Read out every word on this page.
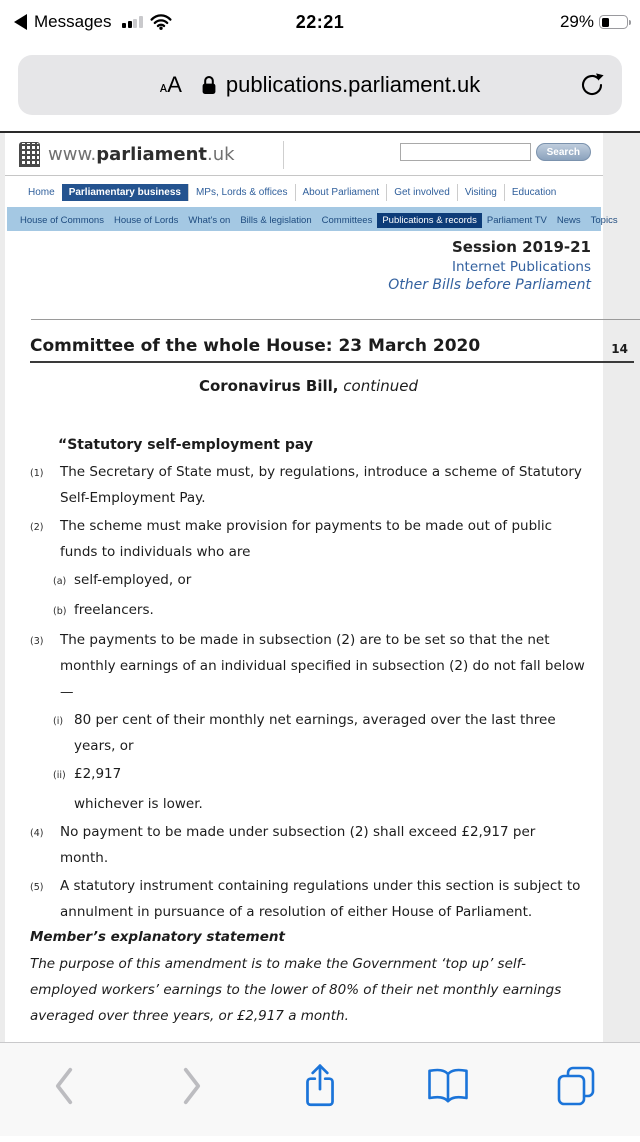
Messages	22:21	29%
ᴀA publications.parliament.uk
www.parliament.uk	Search
Home Parliamentary business MPs, Lords & offices About Parliament Get involved Visiting Education
House of Commons House of Lords What's on Bills & legislation Committees Publications & records Parliament TV News Topics
Session 2019-21
Internet Publications
Other Bills before Parliament
Committee of the whole House: 23 March 2020	14
Coronavirus Bill, continued
“Statutory self-employment pay
(1)	The Secretary of State must, by regulations, introduce a scheme of Statutory Self-Employment Pay.
(2)	The scheme must make provision for payments to be made out of public funds to individuals who are
(a) self-employed, or
(b) freelancers.
(3)	The payments to be made in subsection (2) are to be set so that the net monthly earnings of an individual specified in subsection (2) do not fall below—
(i) 80 per cent of their monthly net earnings, averaged over the last three years, or
(ii) £2,917
whichever is lower.
(4)	No payment to be made under subsection (2) shall exceed £2,917 per month.
(5)	A statutory instrument containing regulations under this section is subject to annulment in pursuance of a resolution of either House of Parliament.
Member’s explanatory statement
The purpose of this amendment is to make the Government ‘top up’ self-employed workers’ earnings to the lower of 80% of their net monthly earnings averaged over three years, or £2,917 a month.
